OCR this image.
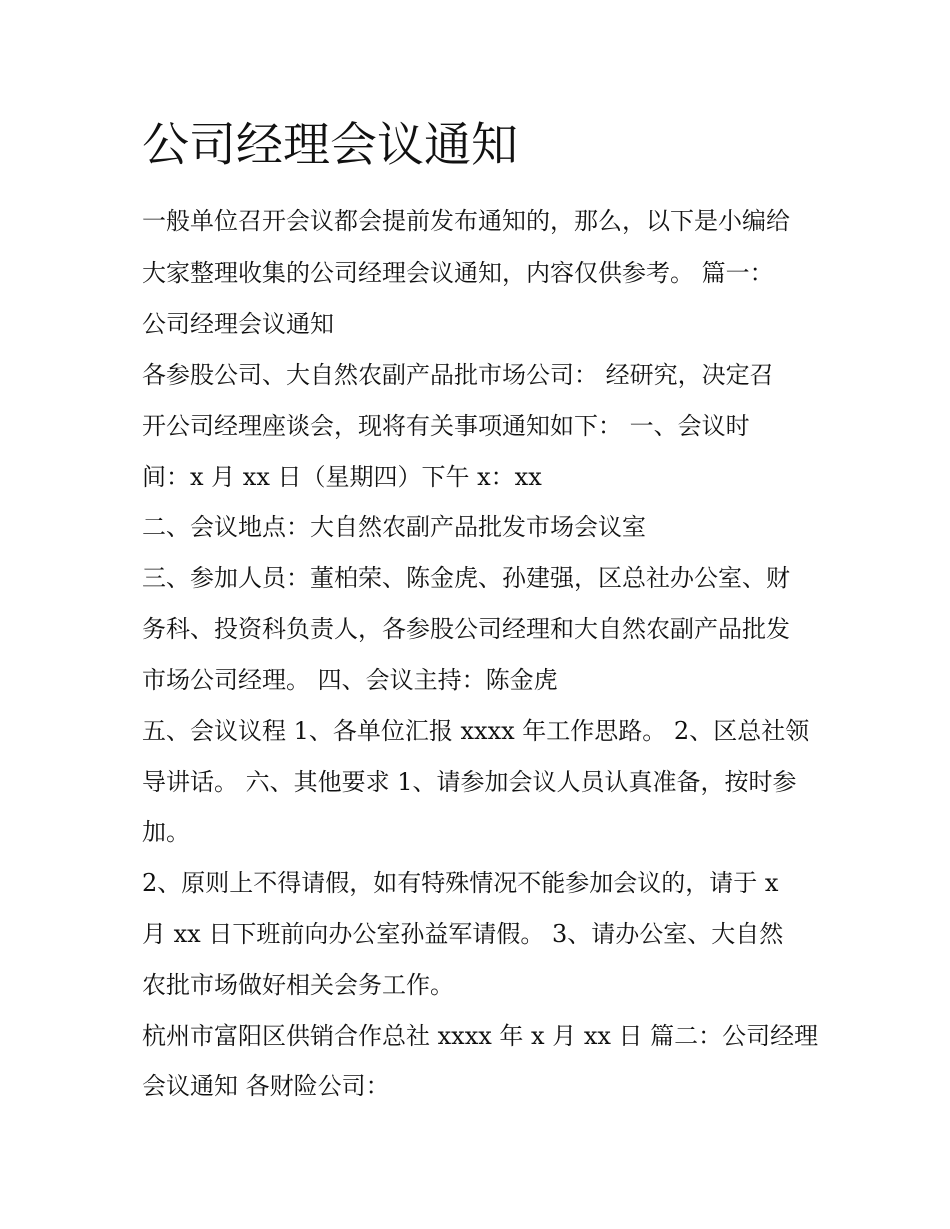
公司经理会议通知

一般单位召开会议都会提前发布通知的，那么，以下是小编给

大家整理收集的公司经理会议通知，内容仅供参考。 篇一：

公司经理会议通知

各参股公司、大自然农副产品批市场公司： 经研究，决定召

开公司经理座谈会，现将有关事项通知如下： 一、会议时

间：x 月 xx 日（星期四）下午 x：xx

二、会议地点：大自然农副产品批发市场会议室

三、参加人员：董柏荣、陈金虎、孙建强，区总社办公室、财

务科、投资科负责人，各参股公司经理和大自然农副产品批发

市场公司经理。 四、会议主持：陈金虎

五、会议议程 1、各单位汇报 xxxx 年工作思路。 2、区总社领

导讲话。 六、其他要求 1、请参加会议人员认真准备，按时参

加。

2、原则上不得请假，如有特殊情况不能参加会议的，请于 x

月 xx 日下班前向办公室孙益军请假。 3、请办公室、大自然

农批市场做好相关会务工作。

杭州市富阳区供销合作总社 xxxx 年 x 月 xx 日 篇二：公司经理

会议通知 各财险公司：
